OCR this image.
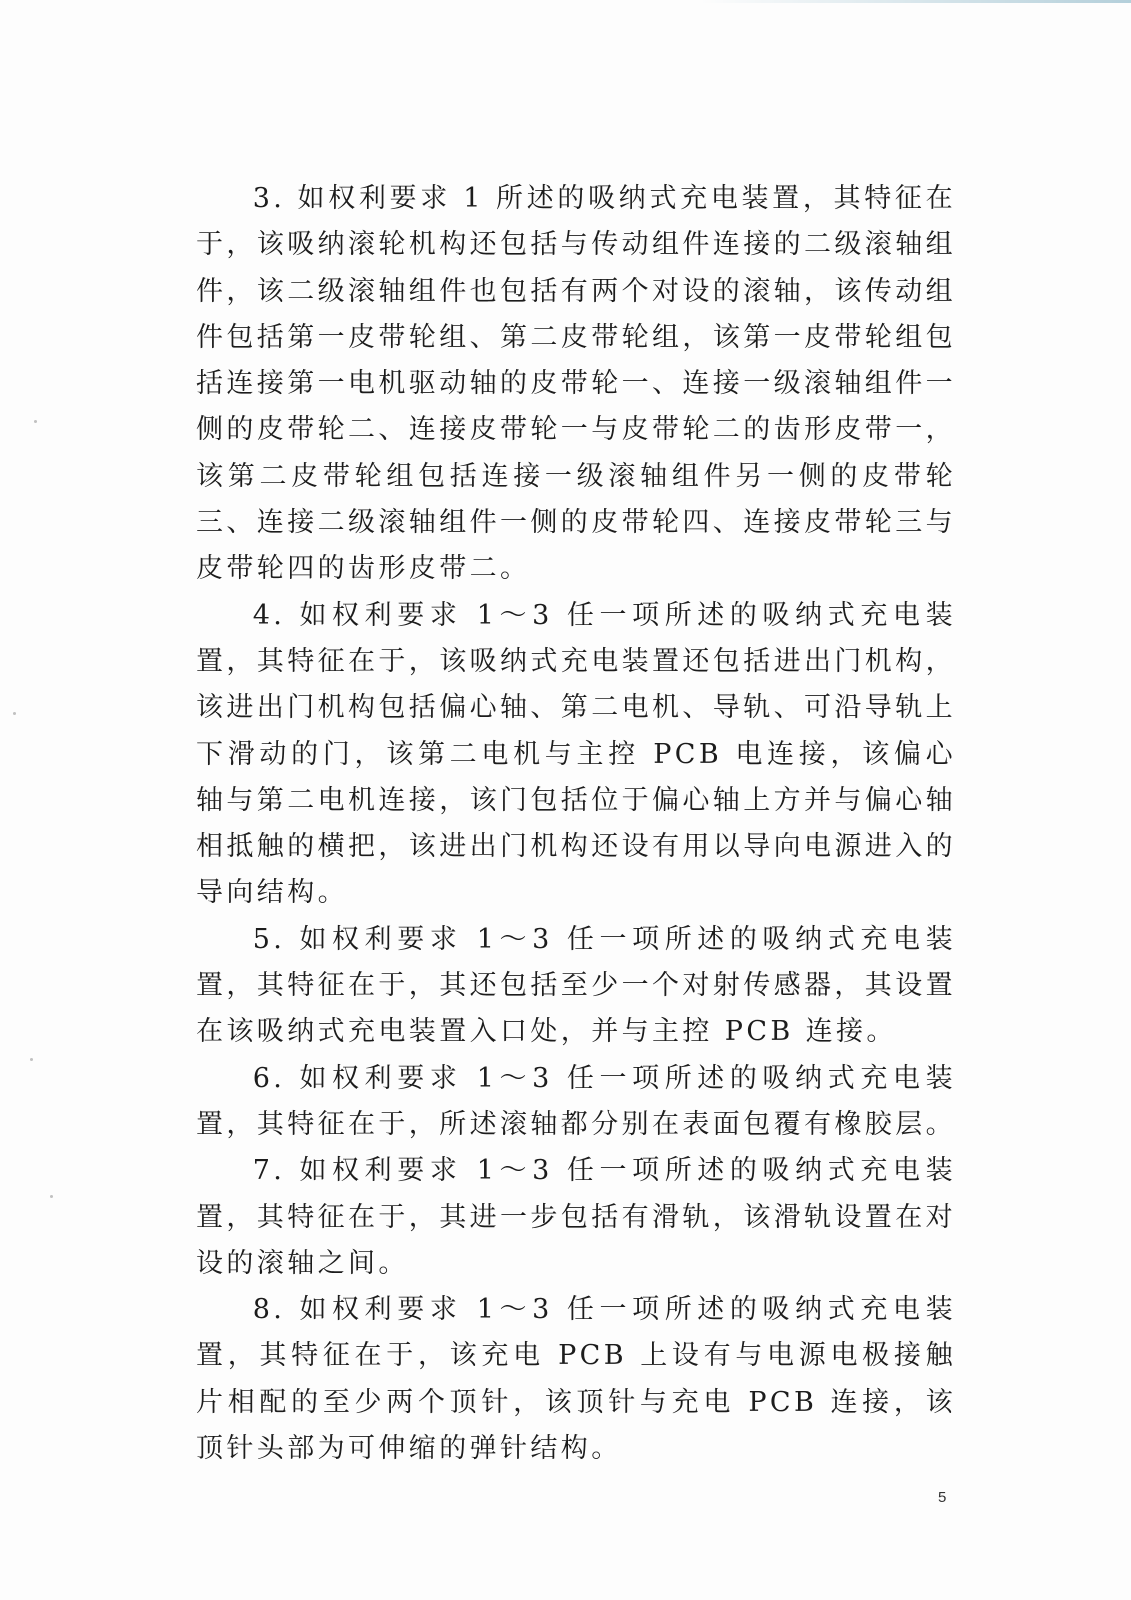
3. 如权利要求 1 所述的吸纳式充电装置，其特征在于，该吸纳滚轮机构还包括与传动组件连接的二级滚轴组件，该二级滚轴组件也包括有两个对设的滚轴，该传动组件包括第一皮带轮组、第二皮带轮组，该第一皮带轮组包括连接第一电机驱动轴的皮带轮一、连接一级滚轴组件一侧的皮带轮二、连接皮带轮一与皮带轮二的齿形皮带一，该第二皮带轮组包括连接一级滚轴组件另一侧的皮带轮三、连接二级滚轴组件一侧的皮带轮四、连接皮带轮三与皮带轮四的齿形皮带二。

4. 如权利要求 1～3 任一项所述的吸纳式充电装置，其特征在于，该吸纳式充电装置还包括进出门机构，该进出门机构包括偏心轴、第二电机、导轨、可沿导轨上下滑动的门，该第二电机与主控 PCB 电连接，该偏心轴与第二电机连接，该门包括位于偏心轴上方并与偏心轴相抵触的横把，该进出门机构还设有用以导向电源进入的导向结构。

5. 如权利要求 1～3 任一项所述的吸纳式充电装置，其特征在于，其还包括至少一个对射传感器，其设置在该吸纳式充电装置入口处，并与主控 PCB 连接。

6. 如权利要求 1～3 任一项所述的吸纳式充电装置，其特征在于，所述滚轴都分别在表面包覆有橡胶层。

7. 如权利要求 1～3 任一项所述的吸纳式充电装置，其特征在于，其进一步包括有滑轨，该滑轨设置在对设的滚轴之间。

8. 如权利要求 1～3 任一项所述的吸纳式充电装置，其特征在于，该充电 PCB 上设有与电源电极接触片相配的至少两个顶针，该顶针与充电 PCB 连接，该顶针头部为可伸缩的弹针结构。

5
